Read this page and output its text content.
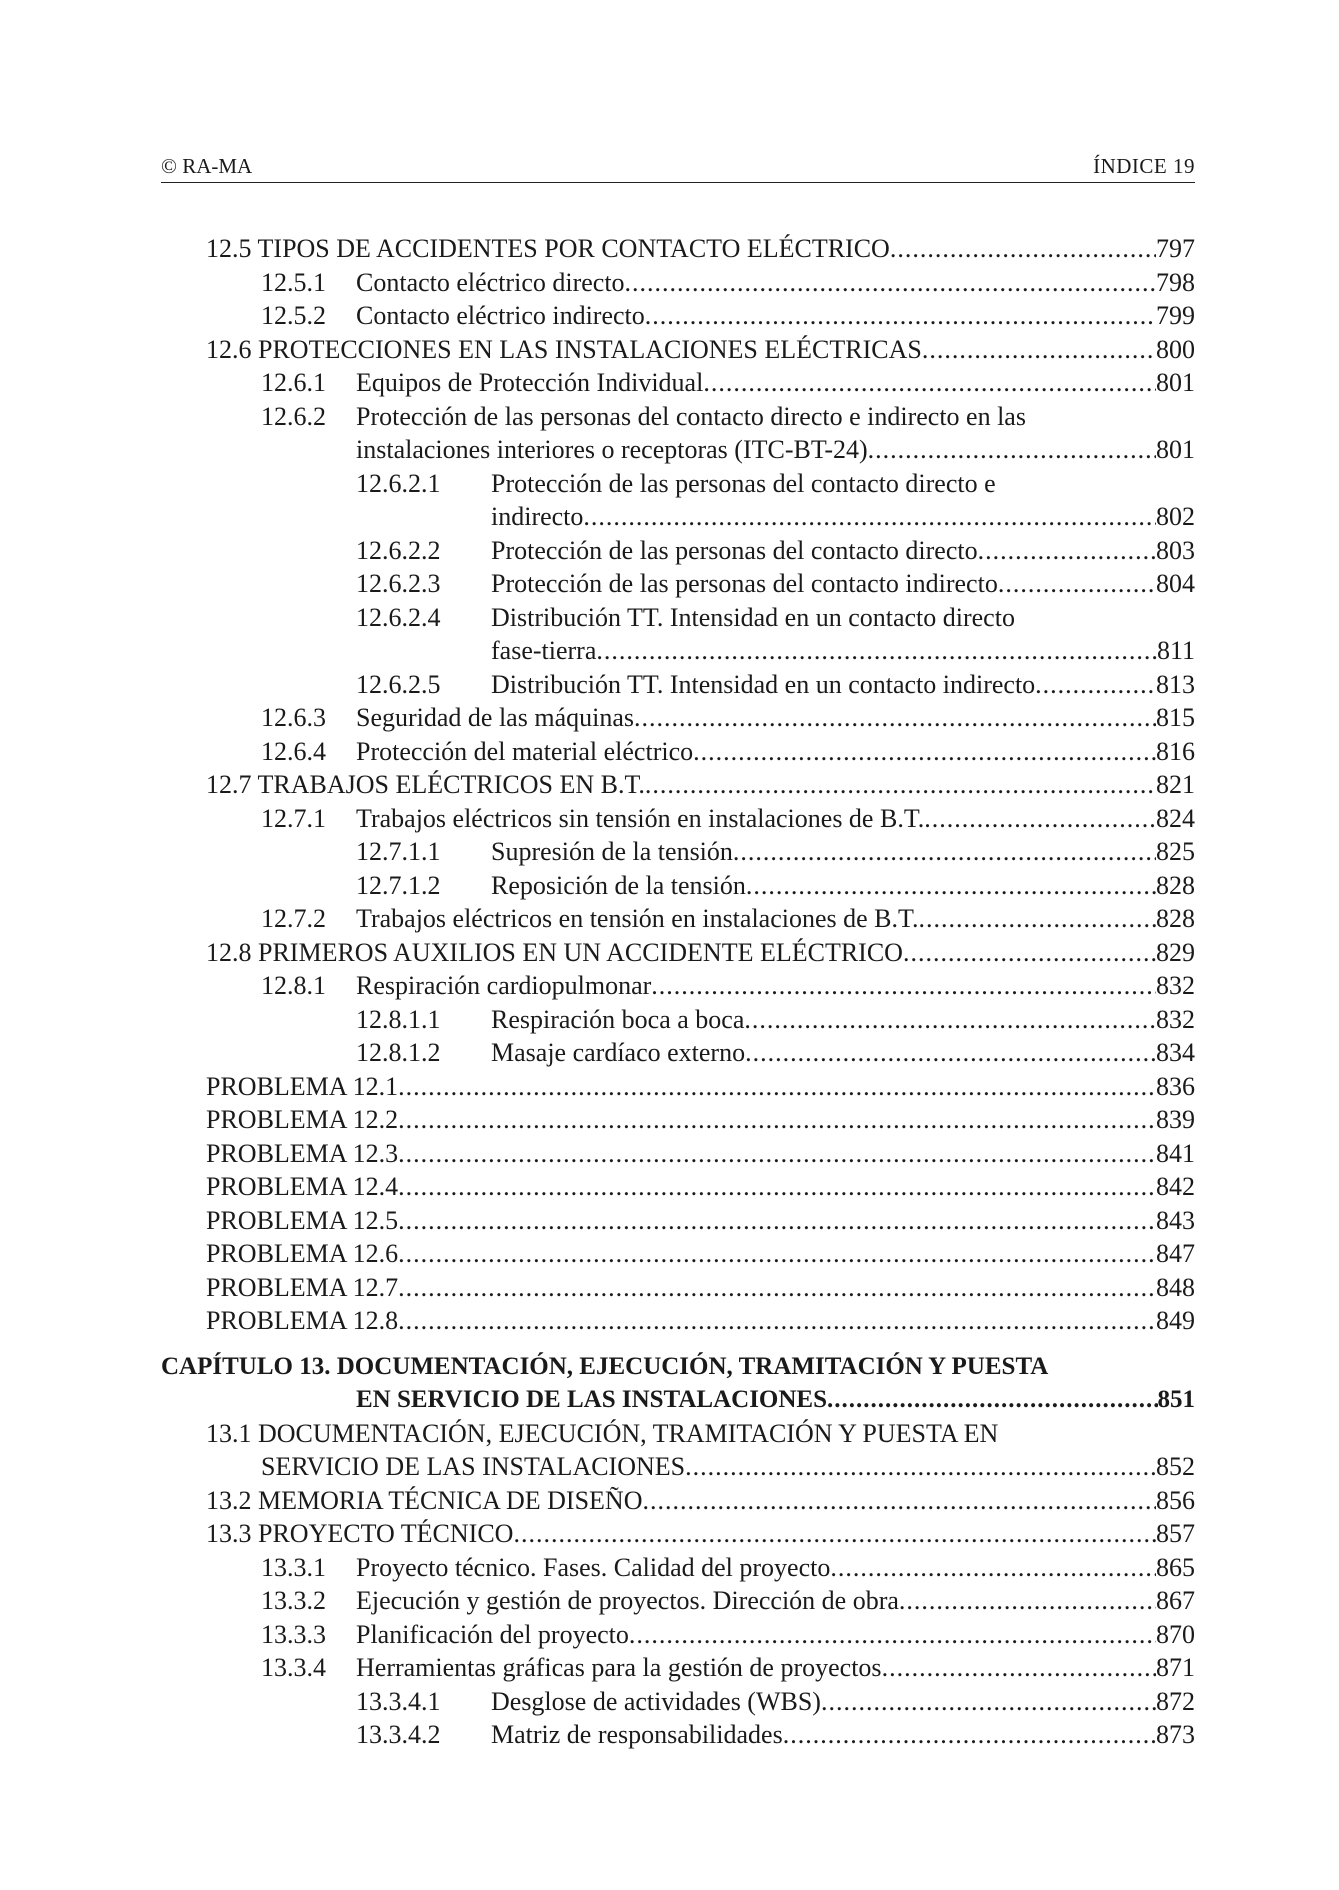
© RA-MA	ÍNDICE 19
12.5 TIPOS DE ACCIDENTES POR CONTACTO ELÉCTRICO .....	797
12.5.1 Contacto eléctrico directo .....	798
12.5.2 Contacto eléctrico indirecto .....	799
12.6 PROTECCIONES EN LAS INSTALACIONES ELÉCTRICAS .....	800
12.6.1 Equipos de Protección Individual .....	801
12.6.2 Protección de las personas del contacto directo e indirecto en las
instalaciones interiores o receptoras (ITC-BT-24) .....	801
12.6.2.1 Protección de las personas del contacto directo e
indirecto .....	802
12.6.2.2 Protección de las personas del contacto directo .....	803
12.6.2.3 Protección de las personas del contacto indirecto .....	804
12.6.2.4 Distribución TT. Intensidad en un contacto directo
fase-tierra .....	811
12.6.2.5 Distribución TT. Intensidad en un contacto indirecto .....	813
12.6.3 Seguridad de las máquinas .....	815
12.6.4 Protección del material eléctrico .....	816
12.7 TRABAJOS ELÉCTRICOS EN B.T. .....	821
12.7.1 Trabajos eléctricos sin tensión en instalaciones de B.T. .....	824
12.7.1.1 Supresión de la tensión .....	825
12.7.1.2 Reposición de la tensión .....	828
12.7.2 Trabajos eléctricos en tensión en instalaciones de B.T. .....	828
12.8 PRIMEROS AUXILIOS EN UN ACCIDENTE ELÉCTRICO .....	829
12.8.1 Respiración cardiopulmonar .....	832
12.8.1.1 Respiración boca a boca .....	832
12.8.1.2 Masaje cardíaco externo .....	834
PROBLEMA 12.1 .....	836
PROBLEMA 12.2 .....	839
PROBLEMA 12.3 .....	841
PROBLEMA 12.4 .....	842
PROBLEMA 12.5 .....	843
PROBLEMA 12.6 .....	847
PROBLEMA 12.7 .....	848
PROBLEMA 12.8 .....	849
CAPÍTULO 13. DOCUMENTACIÓN, EJECUCIÓN, TRAMITACIÓN Y PUESTA
EN SERVICIO DE LAS INSTALACIONES .....	851
13.1 DOCUMENTACIÓN, EJECUCIÓN, TRAMITACIÓN Y PUESTA EN
SERVICIO DE LAS INSTALACIONES .....	852
13.2 MEMORIA TÉCNICA DE DISEÑO .....	856
13.3 PROYECTO TÉCNICO .....	857
13.3.1 Proyecto técnico. Fases. Calidad del proyecto .....	865
13.3.2 Ejecución y gestión de proyectos. Dirección de obra .....	867
13.3.3 Planificación del proyecto .....	870
13.3.4 Herramientas gráficas para la gestión de proyectos .....	871
13.3.4.1 Desglose de actividades (WBS) .....	872
13.3.4.2 Matriz de responsabilidades .....	873
